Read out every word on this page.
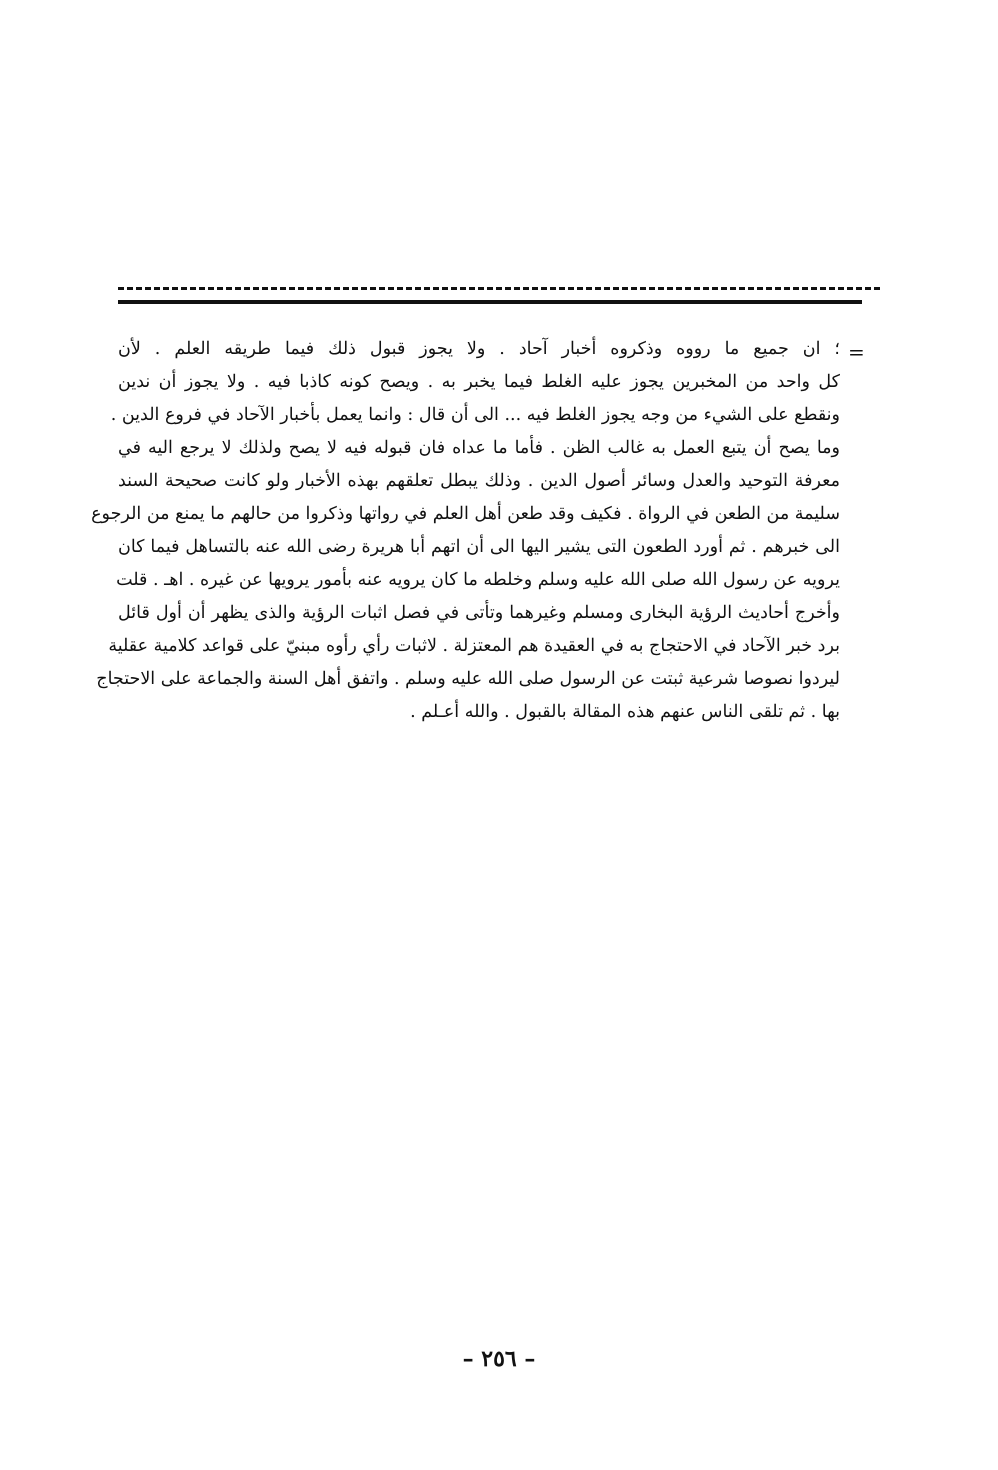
=

؛ ان جميع ما رووه وذكروه أخبار آحاد . ولا يجوز قبول ذلك فيما طريقه العلم . لأن
كل واحد من المخبرين يجوز عليه الغلط فيما يخبر به . ويصح كونه كاذبا فيه . ولا يجوز أن ندين
ونقطع على الشيء من وجه يجوز الغلط فيه ... الى أن قال : وانما يعمل بأخبار الآحاد في فروع الدين .
وما يصح أن يتبع العمل به غالب الظن . فأما ما عداه فان قبوله فيه لا يصح ولذلك لا يرجع اليه في
معرفة التوحيد والعدل وسائر أصول الدين . وذلك يبطل تعلقهم بهذه الأخبار ولو كانت صحيحة السند
سليمة من الطعن في الرواة . فكيف وقد طعن أهل العلم في رواتها وذكروا من حالهم ما يمنع من الرجوع
الى خبرهم . ثم أورد الطعون التى يشير اليها الى أن اتهم أبا هريرة رضى الله عنه بالتساهل فيما كان
يرويه عن رسول الله صلى الله عليه وسلم وخلطه ما كان يرويه عنه بأمور يرويها عن غيره . اهـ . قلت
وأخرج أحاديث الرؤية البخارى ومسلم وغيرهما وتأتى في فصل اثبات الرؤية والذى يظهر أن أول قائل
برد خبر الآحاد في الاحتجاج به في العقيدة هم المعتزلة . لاثبات رأي رأوه مبنيّ على قواعد كلامية عقلية
ليردوا نصوصا شرعية ثبتت عن الرسول صلى الله عليه وسلم . واتفق أهل السنة والجماعة على الاحتجاج
بها . ثم تلقى الناس عنهم هذه المقالة بالقبول . والله أعـلم .

– ٢٥٦ –
